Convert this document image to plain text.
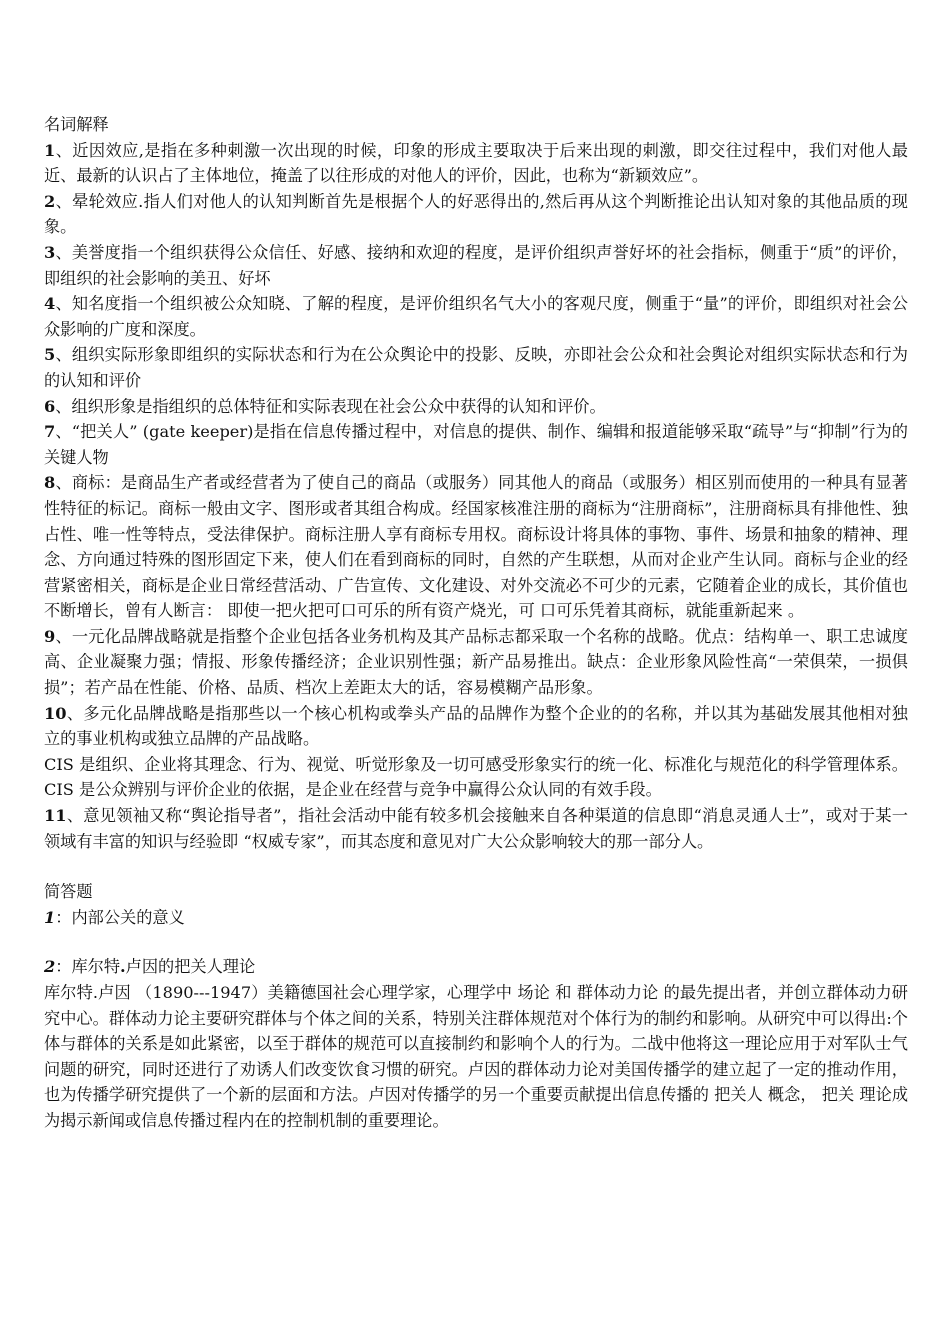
名词解释

1、近因效应,是指在多种刺激一次出现的时候，印象的形成主要取决于后来出现的刺激，即交往过程中，我们对他人最近、最新的认识占了主体地位，掩盖了以往形成的对他人的评价，因此，也称为“新颖效应”。

2、晕轮效应.指人们对他人的认知判断首先是根据个人的好恶得出的,然后再从这个判断推论出认知对象的其他品质的现象。

3、美誉度指一个组织获得公众信任、好感、接纳和欢迎的程度，是评价组织声誉好坏的社会指标，侧重于“质”的评价，即组织的社会影响的美丑、好坏

4、知名度指一个组织被公众知晓、了解的程度，是评价组织名气大小的客观尺度，侧重于“量”的评价，即组织对社会公众影响的广度和深度。

5、组织实际形象即组织的实际状态和行为在公众舆论中的投影、反映，亦即社会公众和社会舆论对组织实际状态和行为的认知和评价

6、组织形象是指组织的总体特征和实际表现在社会公众中获得的认知和评价。

7、“把关人” (gate keeper)是指在信息传播过程中，对信息的提供、制作、编辑和报道能够采取“疏导”与“抑制”行为的关键人物

8、商标：是商品生产者或经营者为了使自己的商品（或服务）同其他人的商品（或服务）相区别而使用的一种具有显著性特征的标记。商标一般由文字、图形或者其组合构成。经国家核准注册的商标为“注册商标”，注册商标具有排他性、独占性、唯一性等特点，受法律保护。商标注册人享有商标专用权。商标设计将具体的事物、事件、场景和抽象的精神、理念、方向通过特殊的图形固定下来，使人们在看到商标的同时，自然的产生联想，从而对企业产生认同。商标与企业的经营紧密相关，商标是企业日常经营活动、广告宣传、文化建设、对外交流必不可少的元素，它随着企业的成长，其价值也不断增长，曾有人断言： 即使一把火把可口可乐的所有资产烧光，可 口可乐凭着其商标，就能重新起来 。

9、一元化品牌战略就是指整个企业包括各业务机构及其产品标志都采取一个名称的战略。优点：结构单一、职工忠诚度高、企业凝聚力强；情报、形象传播经济；企业识别性强；新产品易推出。缺点：企业形象风险性高“一荣俱荣，一损俱损”；若产品在性能、价格、品质、档次上差距太大的话，容易模糊产品形象。

10、多元化品牌战略是指那些以一个核心机构或拳头产品的品牌作为整个企业的的名称，并以其为基础发展其他相对独立的事业机构或独立品牌的产品战略。

CIS 是组织、企业将其理念、行为、视觉、听觉形象及一切可感受形象实行的统一化、标准化与规范化的科学管理体系。CIS 是公众辨别与评价企业的依据，是企业在经营与竞争中赢得公众认同的有效手段。

11、意见领袖又称“舆论指导者”，指社会活动中能有较多机会接触来自各种渠道的信息即“消息灵通人士”，或对于某一领域有丰富的知识与经验即 “权威专家”，而其态度和意见对广大公众影响较大的那一部分人。

简答题

1：内部公关的意义

2：库尔特.卢因的把关人理论

库尔特.卢因 （1890---1947）美籍德国社会心理学家，心理学中 场论 和 群体动力论 的最先提出者，并创立群体动力研究中心。群体动力论主要研究群体与个体之间的关系，特别关注群体规范对个体行为的制约和影响。从研究中可以得出:个体与群体的关系是如此紧密，以至于群体的规范可以直接制约和影响个人的行为。二战中他将这一理论应用于对军队士气问题的研究，同时还进行了劝诱人们改变饮食习惯的研究。卢因的群体动力论对美国传播学的建立起了一定的推动作用，也为传播学研究提供了一个新的层面和方法。卢因对传播学的另一个重要贡献提出信息传播的 把关人 概念， 把关 理论成为揭示新闻或信息传播过程内在的控制机制的重要理论。
